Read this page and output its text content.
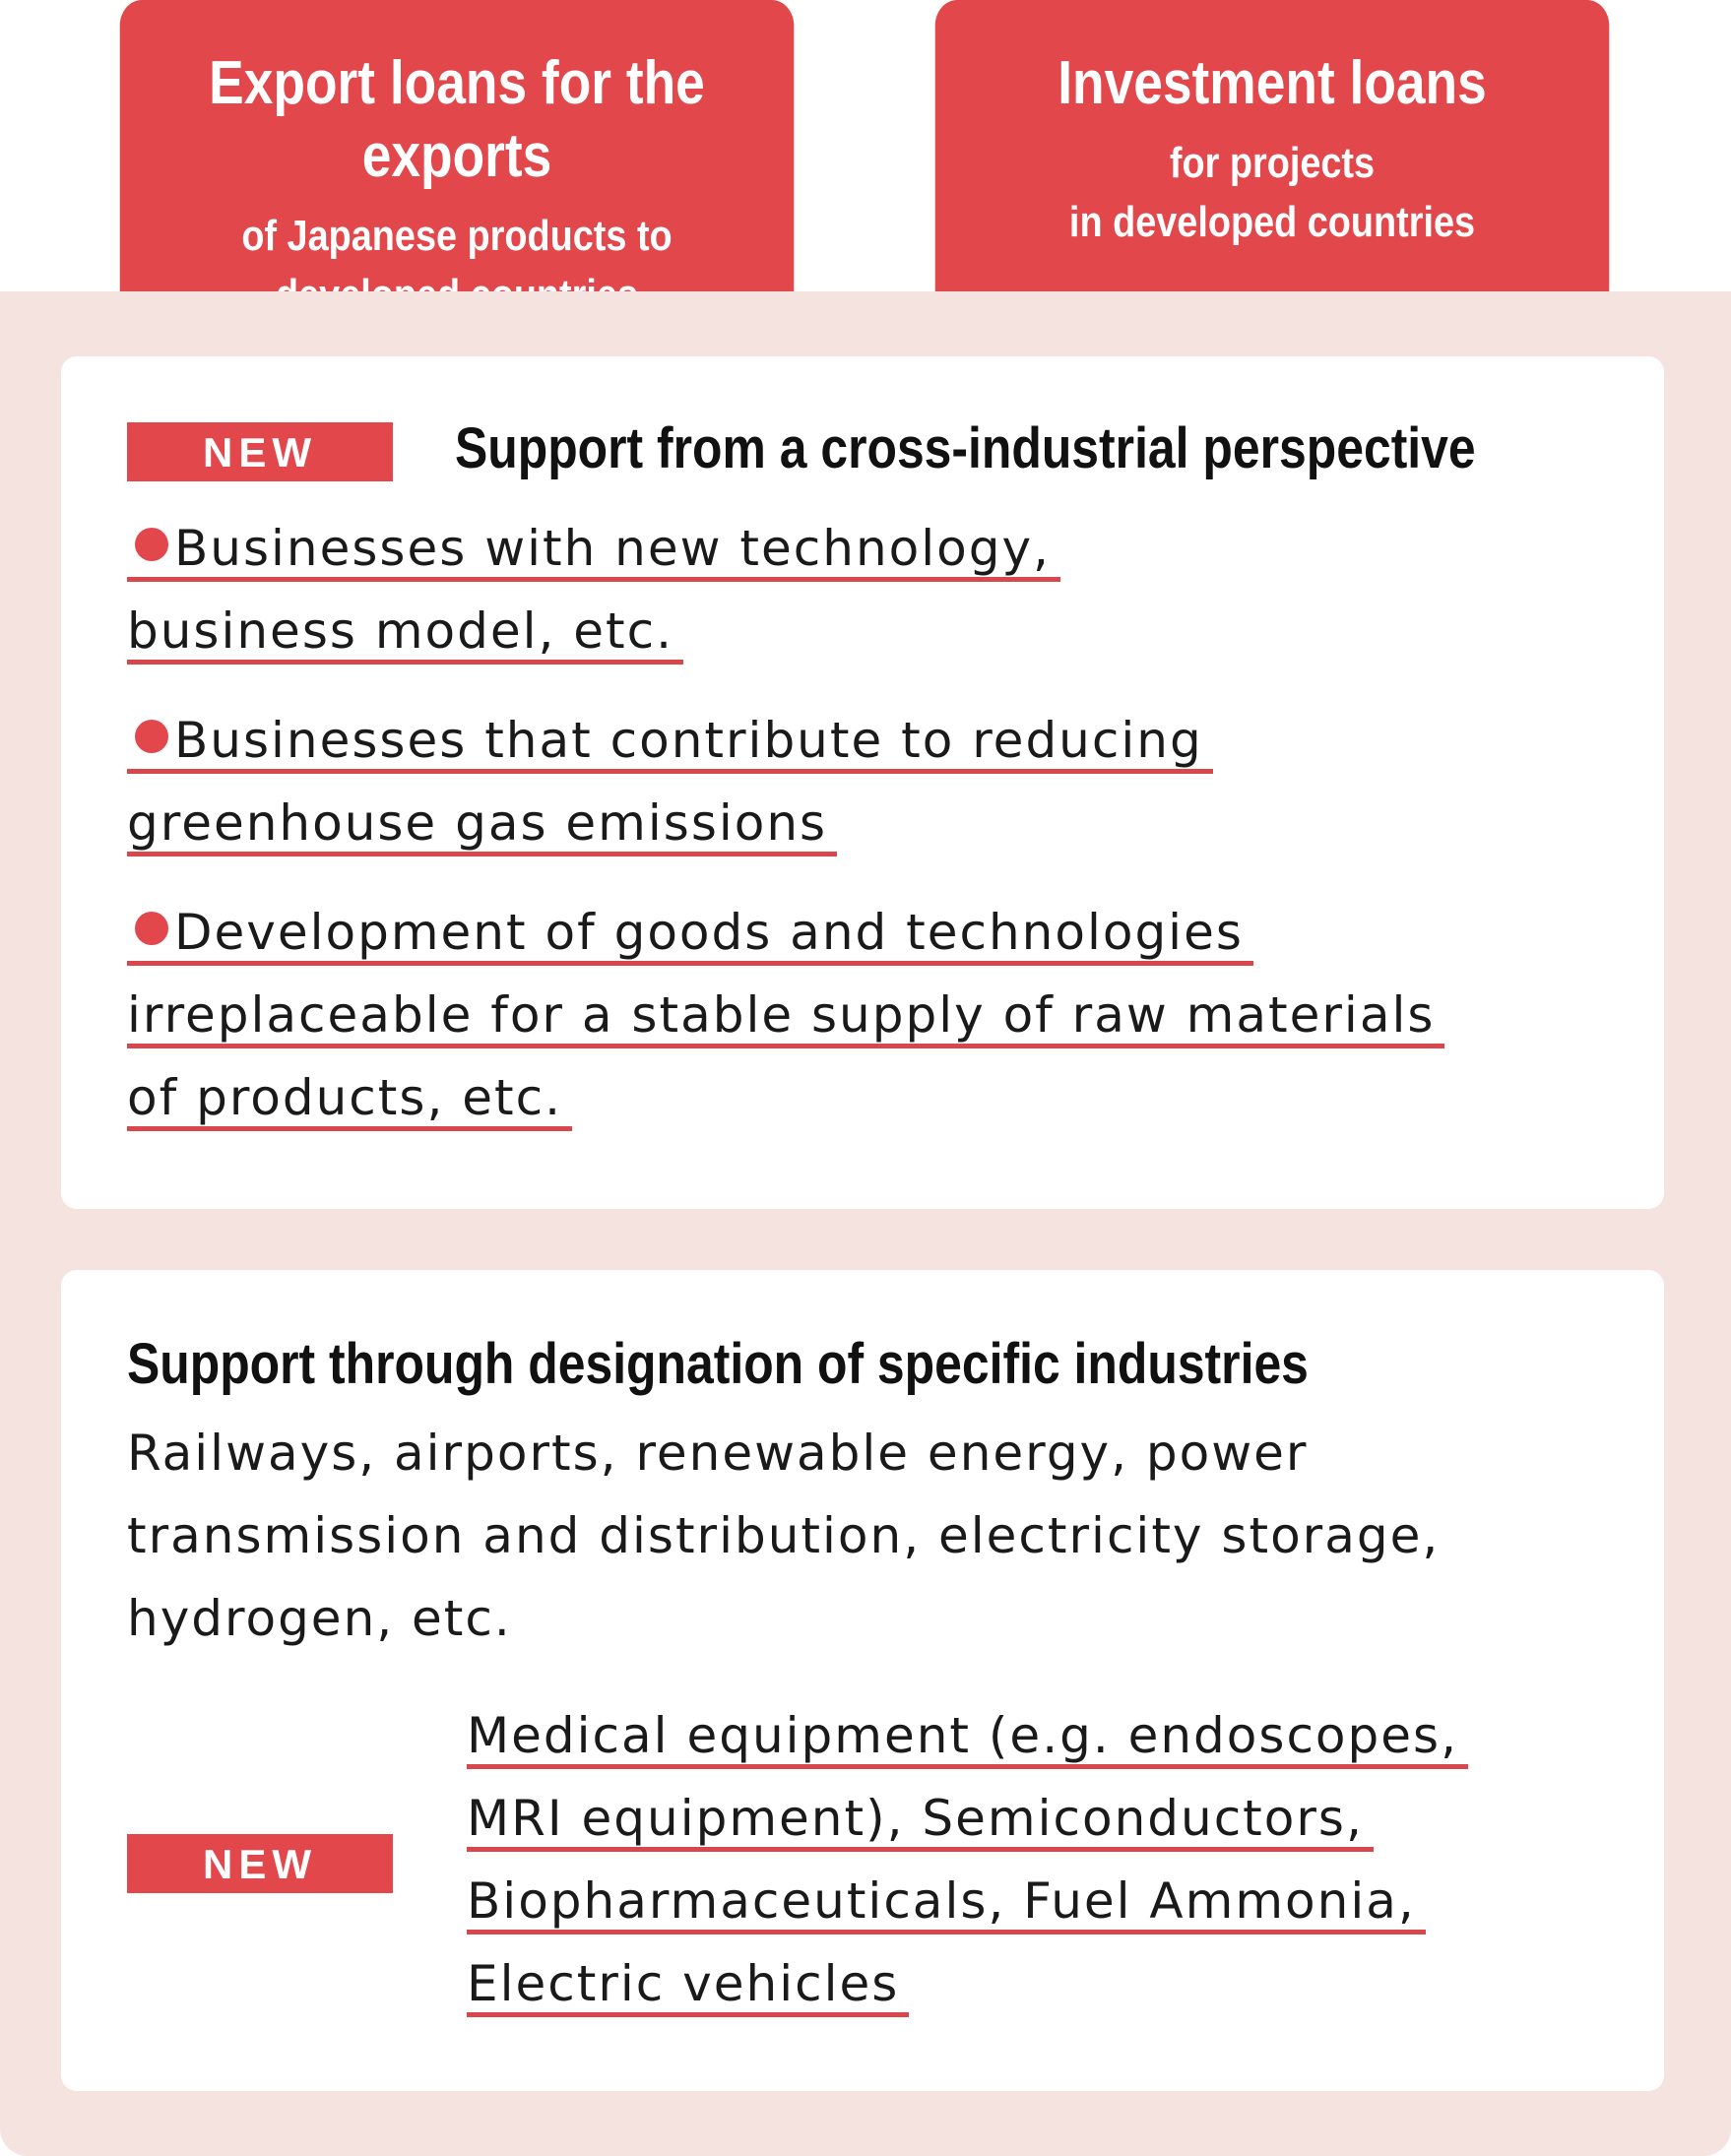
Export loans for the exports
of Japanese products to
Investment loans
for projects
in developed countries
NEW	Support from a cross-industrial perspective
Businesses with new technology,
business model, etc.
Businesses that contribute to reducing
greenhouse gas emissions
Development of goods and technologies
irreplaceable for a stable supply of raw materials
of products, etc.
Support through designation of specific industries
Railways, airports, renewable energy, power
transmission and distribution, electricity storage,
hydrogen, etc.
NEW
Medical equipment (e.g. endoscopes,
MRI equipment), Semiconductors,
Biopharmaceuticals, Fuel Ammonia,
Electric vehicles
